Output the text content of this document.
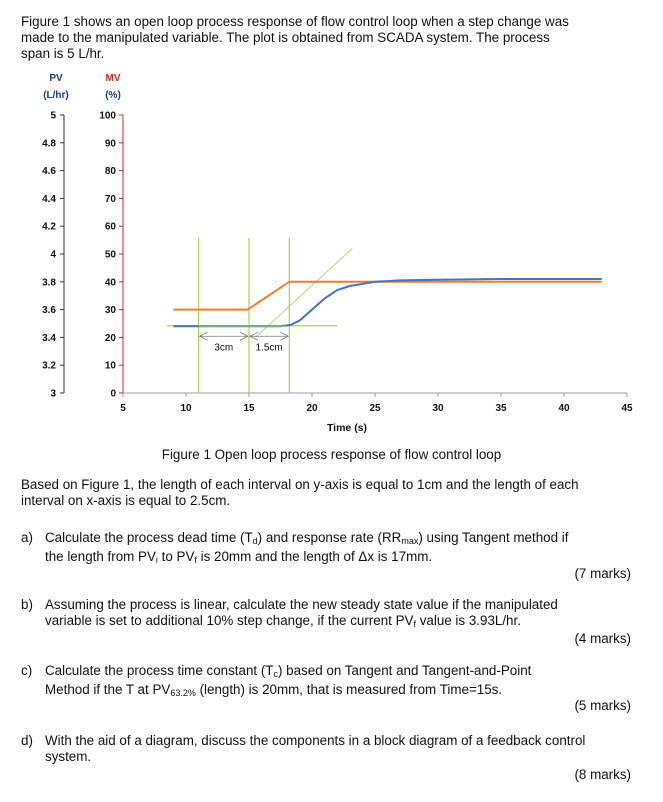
Figure 1 shows an open loop process response of flow control loop when a step change was
made to the manipulated variable. The plot is obtained from SCADA system. The process
span is 5 L/hr.
PV
(L/hr)
MV
(%)
5
4.8
4.6
4.4
4.2
4
3.8
3.6
3.4
3.2
3
100
90
80
70
60
50
40
30
20
10
0
5	10	15	20	25	30	35	40	45
Time (s)
3cm 1.5cm
Figure 1 Open loop process response of flow control loop
Based on Figure 1, the length of each interval on y-axis is equal to 1cm and the length of each
interval on x-axis is equal to 2.5cm.
a) Calculate the process dead time $(T_d)$ and response rate $(RR_{max})$ using Tangent method if
the length from $PV_i$ to $PV_f$ is 20mm and the length of Δx is 17mm.
(7 marks)
b) Assuming the process is linear, calculate the new steady state value if the manipulated
variable is set to additional 10% step change, if the current $PV_f$ value is 3.93L/hr.
(4 marks)
c) Calculate the process time constant $(T_c)$ based on Tangent and Tangent-and-Point
Method if the T at $PV_{63.2\%}$ (length) is 20mm, that is measured from Time=15s.
(5 marks)
d) With the aid of a diagram, discuss the components in a block diagram of a feedback control
system.
(8 marks)
